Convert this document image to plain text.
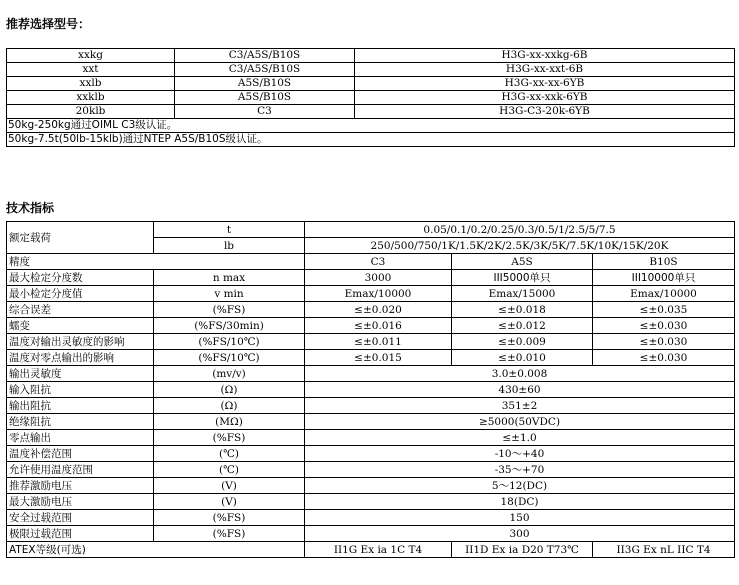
推荐选择型号：
xxkg	C3/A5S/B10S	H3G-xx-xxkg-6B
xxt	C3/A5S/B10S	H3G-xx-xxt-6B
xxlb	A5S/B10S	H3G-xx-xx-6YB
xxklb	A5S/B10S	H3G-xx-xxk-6YB
20klb	C3	H3G-C3-20k-6YB
50kg-250kg通过OIML C3级认证。		
50kg-7.5t(50lb-15klb)通过NTEP A5S/B10S级认证。		
技术指标
额定载荷	t	0.05/0.1/0.2/0.25/0.3/0.5/1/2.5/5/7.5		
	lb	250/500/750/1K/1.5K/2K/2.5K/3K/5K/7.5K/10K/15K/20K		
精度		C3	A5S	B10S
最大检定分度数	n max	3000	III5000单只	III10000单只
最小检定分度值	v min	Emax/10000	Emax/15000	Emax/10000
综合误差	(%FS)	≤±0.020	≤±0.018	≤±0.035
蠕变	(%FS/30min)	≤±0.016	≤±0.012	≤±0.030
温度对输出灵敏度的影响	(%FS/10℃)	≤±0.011	≤±0.009	≤±0.030
温度对零点输出的影响	(%FS/10℃)	≤±0.015	≤±0.010	≤±0.030
输出灵敏度	(mv/v)	3.0±0.008		
输入阻抗	(Ω)	430±60		
输出阻抗	(Ω)	351±2		
绝缘阻抗	(MΩ)	≥5000(50VDC)		
零点输出	(%FS)	≤±1.0		
温度补偿范围	(℃)	-10～+40		
允许使用温度范围	(℃)	-35～+70		
推荐激励电压	(V)	5～12(DC)		
最大激励电压	(V)	18(DC)		
安全过载范围	(%FS)	150		
极限过载范围	(%FS)	300		
ATEX等级(可选)		II1G Ex ia 1C T4	II1D Ex ia D20 T73℃	II3G Ex nL IIC T4
